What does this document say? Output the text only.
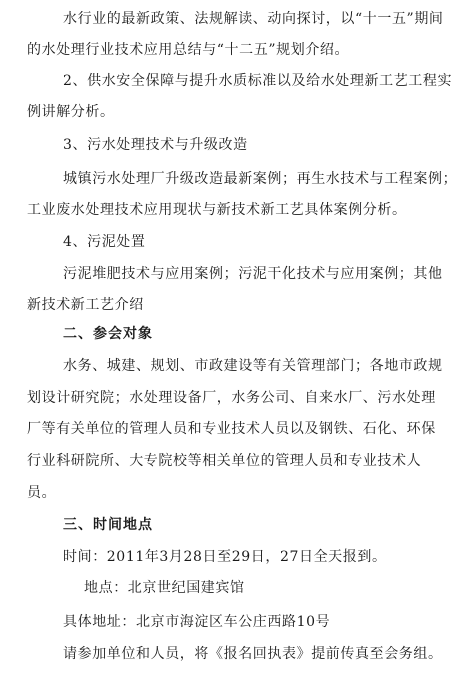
水行业的最新政策、法规解读、动向探讨，以“十一五”期间
的水处理行业技术应用总结与“十二五”规划介绍。
2、供水安全保障与提升水质标准以及给水处理新工艺工程实
例讲解分析。
3、污水处理技术与升级改造
城镇污水处理厂升级改造最新案例；再生水技术与工程案例；
工业废水处理技术应用现状与新技术新工艺具体案例分析。
4、污泥处置
污泥堆肥技术与应用案例；污泥干化技术与应用案例；其他
新技术新工艺介绍
二、参会对象
水务、城建、规划、市政建设等有关管理部门；各地市政规
划设计研究院；水处理设备厂，水务公司、自来水厂、污水处理
厂等有关单位的管理人员和专业技术人员以及钢铁、石化、环保
行业科研院所、大专院校等相关单位的管理人员和专业技术人
员。
三、时间地点
时间：2011年3月28日至29日，27日全天报到。
地点：北京世纪国建宾馆
具体地址：北京市海淀区车公庄西路10号
请参加单位和人员，将《报名回执表》提前传真至会务组。
